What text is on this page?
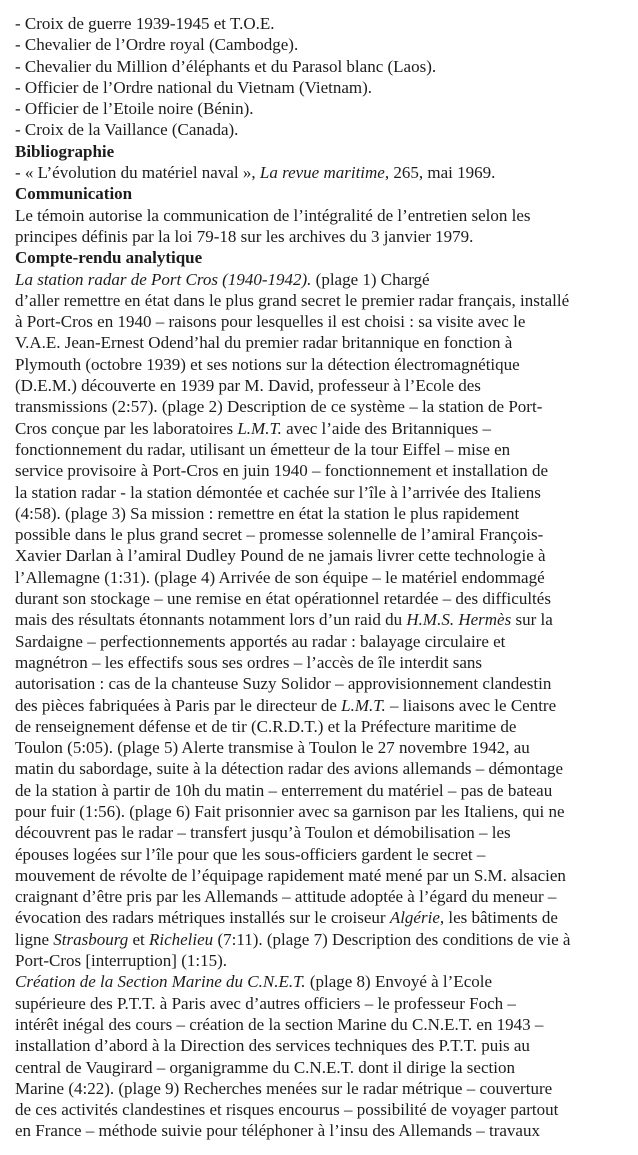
- Croix de guerre 1939-1945 et T.O.E.
- Chevalier de l’Ordre royal (Cambodge).
- Chevalier du Million d’éléphants et du Parasol blanc (Laos).
- Officier de l’Ordre national du Vietnam (Vietnam).
- Officier de l’Etoile noire (Bénin).
- Croix de la Vaillance (Canada).
Bibliographie
- « L’évolution du matériel naval », La revue maritime, 265, mai 1969.
Communication
Le témoin autorise la communication de l’intégralité de l’entretien selon les
principes définis par la loi 79-18 sur les archives du 3 janvier 1979.
Compte-rendu analytique
La station radar de Port Cros (1940-1942). (plage 1) Chargé
d’aller remettre en état dans le plus grand secret le premier radar français, installé
à Port-Cros en 1940 – raisons pour lesquelles il est choisi : sa visite avec le
V.A.E. Jean-Ernest Odend’hal du premier radar britannique en fonction à
Plymouth (octobre 1939) et ses notions sur la détection électromagnétique
(D.E.M.) découverte en 1939 par M. David, professeur à l’Ecole des
transmissions (2:57). (plage 2) Description de ce système – la station de Port-
Cros conçue par les laboratoires L.M.T. avec l’aide des Britanniques –
fonctionnement du radar, utilisant un émetteur de la tour Eiffel – mise en
service provisoire à Port-Cros en juin 1940 – fonctionnement et installation de
la station radar - la station démontée et cachée sur l’île à l’arrivée des Italiens
(4:58). (plage 3) Sa mission : remettre en état la station le plus rapidement
possible dans le plus grand secret – promesse solennelle de l’amiral François-
Xavier Darlan à l’amiral Dudley Pound de ne jamais livrer cette technologie à
l’Allemagne (1:31). (plage 4) Arrivée de son équipe – le matériel endommagé
durant son stockage – une remise en état opérationnel retardée – des difficultés
mais des résultats étonnants notamment lors d’un raid du H.M.S. Hermès sur la
Sardaigne – perfectionnements apportés au radar : balayage circulaire et
magnétron – les effectifs sous ses ordres – l’accès de île interdit sans
autorisation : cas de la chanteuse Suzy Solidor – approvisionnement clandestin
des pièces fabriquées à Paris par le directeur de L.M.T. – liaisons avec le Centre
de renseignement défense et de tir (C.R.D.T.) et la Préfecture maritime de
Toulon (5:05). (plage 5) Alerte transmise à Toulon le 27 novembre 1942, au
matin du sabordage, suite à la détection radar des avions allemands – démontage
de la station à partir de 10h du matin – enterrement du matériel – pas de bateau
pour fuir (1:56). (plage 6) Fait prisonnier avec sa garnison par les Italiens, qui ne
découvrent pas le radar – transfert jusqu’à Toulon et démobilisation – les
épouses logées sur l’île pour que les sous-officiers gardent le secret –
mouvement de révolte de l’équipage rapidement maté mené par un S.M. alsacien
craignant d’être pris par les Allemands – attitude adoptée à l’égard du meneur –
évocation des radars métriques installés sur le croiseur Algérie, les bâtiments de
ligne Strasbourg et Richelieu (7:11). (plage 7) Description des conditions de vie à
Port-Cros [interruption] (1:15).
Création de la Section Marine du C.N.E.T. (plage 8) Envoyé à l’Ecole
supérieure des P.T.T. à Paris avec d’autres officiers – le professeur Foch –
intérêt inégal des cours – création de la section Marine du C.N.E.T. en 1943 –
installation d’abord à la Direction des services techniques des P.T.T. puis au
central de Vaugirard – organigramme du C.N.E.T. dont il dirige la section
Marine (4:22). (plage 9) Recherches menées sur le radar métrique – couverture
de ces activités clandestines et risques encourus – possibilité de voyager partout
en France – méthode suivie pour téléphoner à l’insu des Allemands – travaux
